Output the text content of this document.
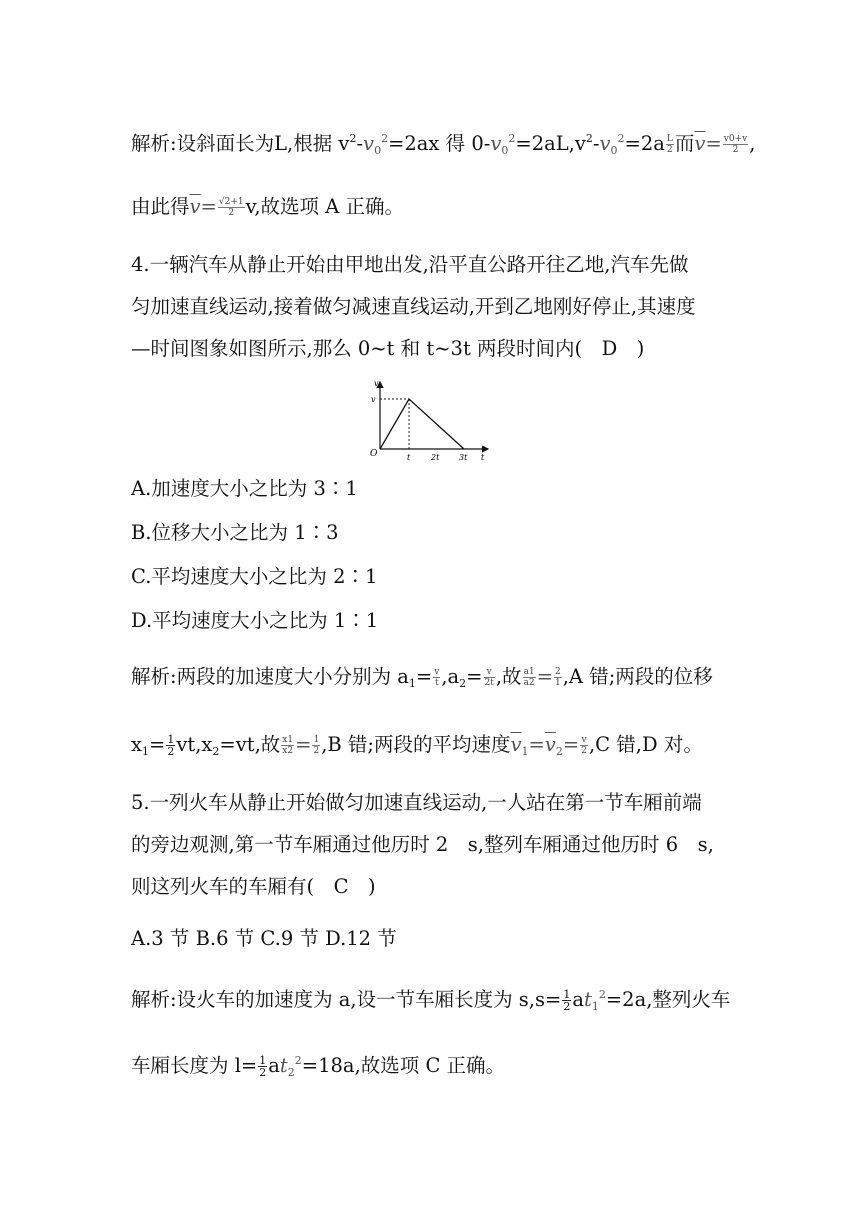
解析:设斜面长为L,根据 $v^2-v_0^2=2ax$ 得 $0-v_0^2=2aL,v^2-v_0^2=2a \frac{L}{2}$ 而$\overline{v}= \frac{v0+v}{2}$ ,
由此得$\overline{v}= \frac{√2+1}{2} v$,故选项 A 正确。
4.一辆汽车从静止开始由甲地出发,沿平直公路开往乙地,汽车先做
匀加速直线运动,接着做匀减速直线运动,开到乙地刚好停止,其速度
—时间图象如图所示,那么 0~t 和 t~3t 两段时间内(　D　)
v
v
O	t	2t 3t t
A.加速度大小之比为 3∶1
B.位移大小之比为 1∶3
C.平均速度大小之比为 2∶1
D.平均速度大小之比为 1∶1
解析:两段的加速度大小分别为 $a_1= \frac{v}{t} ,a_2= \frac{v}{2t}$ ,故 $\frac{a1}{a2} = \frac{2}{1} ,A$ 错;两段的位移
$x_1= \frac{1}{2} vt,x_2=vt$,故 $\frac{x1}{x2} = \frac{1}{2} ,B$ 错;两段的平均速度$\overline{v}_1=\overline{v}_2= \frac{v}{2} ,C$ 错,D 对。
5.一列火车从静止开始做匀加速直线运动,一人站在第一节车厢前端
的旁边观测,第一节车厢通过他历时 2　s,整列车厢通过他历时 6　s,
则这列火车的车厢有(　C　)
A.3 节 B.6 节 C.9 节 D.12 节
解析:设火车的加速度为 a,设一节车厢长度为 $s,s= \frac{1}{2} at_1^2=2a$,整列火车
车厢长度为 $l= \frac{1}{2} at_2^2=18a$,故选项 C 正确。
